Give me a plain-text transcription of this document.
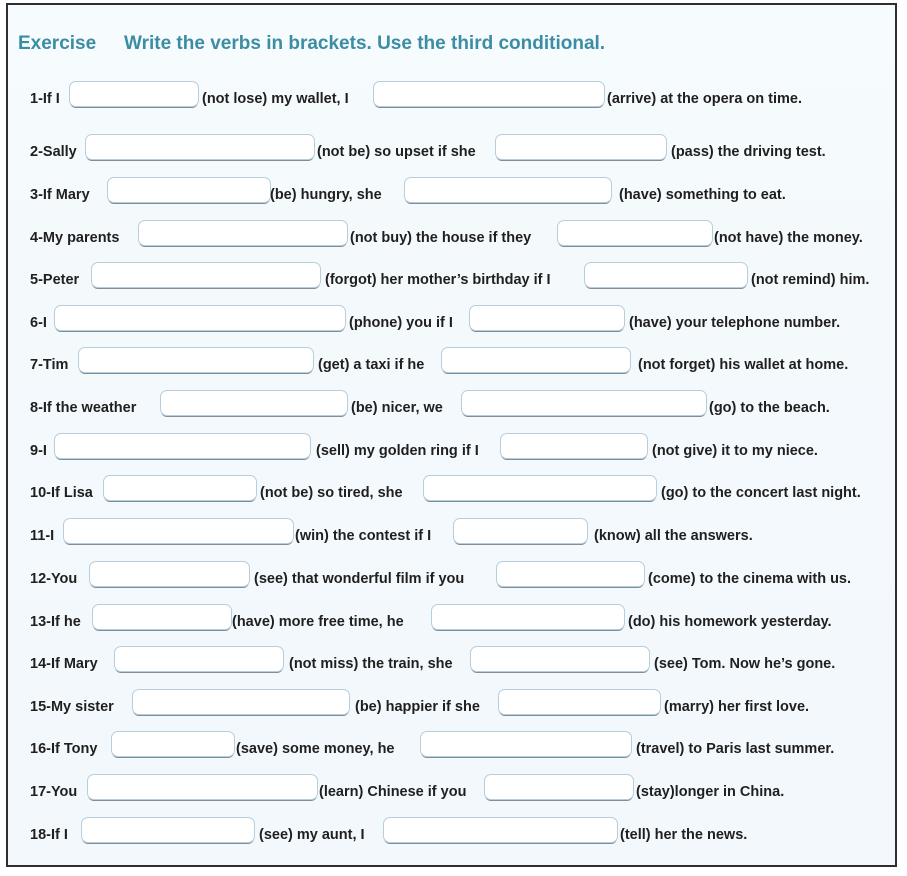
Exercise Write the verbs in brackets. Use the third conditional.
1-If I	(not lose) my wallet, I	(arrive) at the opera on time.
2-Sally	(not be) so upset if she	(pass) the driving test.
3-If Mary	(be) hungry, she	(have) something to eat.
4-My parents	(not buy) the house if they	(not have) the money.
5-Peter	(forgot) her mother’s birthday if I	(not remind) him.
6-I	(phone) you if I	(have) your telephone number.
7-Tim	(get) a taxi if he	(not forget) his wallet at home.
8-If the weather	(be) nicer, we	(go) to the beach.
9-I	(sell) my golden ring if I	(not give) it to my niece.
10-If Lisa	(not be) so tired, she	(go) to the concert last night.
11-I	(win) the contest if I	(know) all the answers.
12-You	(see) that wonderful film if you	(come) to the cinema with us.
13-If he	(have) more free time, he	(do) his homework yesterday.
14-If Mary	(not miss) the train, she	(see) Tom. Now he’s gone.
15-My sister	(be) happier if she	(marry) her first love.
16-If Tony	(save) some money, he	(travel) to Paris last summer.
17-You	(learn) Chinese if you	(stay)longer in China.
18-If I	(see) my aunt, I	(tell) her the news.
